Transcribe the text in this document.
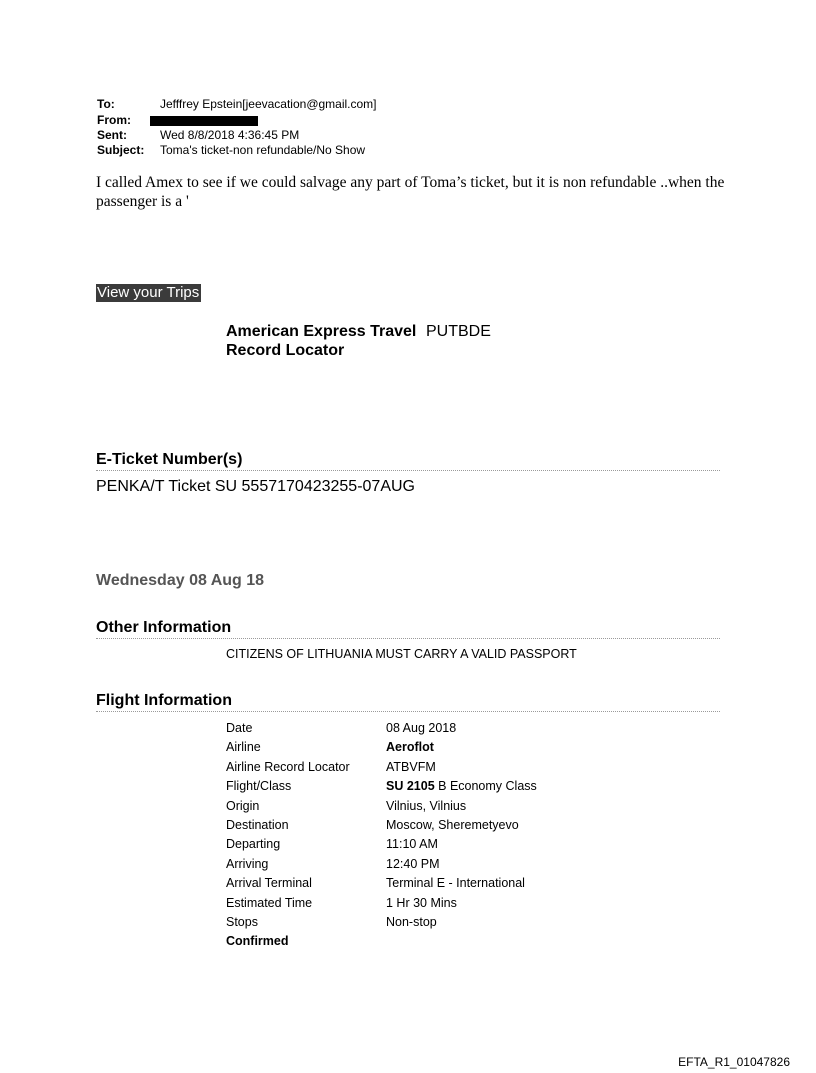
To:	Jefffrey Epstein[jeevacation@gmail.com]
From:
Sent:	Wed 8/8/2018 4:36:45 PM
Subject: Toma's ticket-non refundable/No Show
I called Amex to see if we could salvage any part of Toma’s ticket, but it is non refundable ..when the passenger is a '
View your Trips
American Express Travel PUTBDE
Record Locator
E-Ticket Number(s)
PENKA/T Ticket SU 5557170423255-07AUG
Wednesday 08 Aug 18
Other Information
CITIZENS OF LITHUANIA MUST CARRY A VALID PASSPORT
Flight Information
Date	08 Aug 2018
Airline	Aeroflot
Airline Record Locator	ATBVFM
Flight/Class	SU 2105 B Economy Class
Origin	Vilnius, Vilnius
Destination	Moscow, Sheremetyevo
Departing	11:10 AM
Arriving	12:40 PM
Arrival Terminal	Terminal E - International
Estimated Time	1 Hr 30 Mins
Stops	Non-stop
Confirmed
EFTA_R1_01047826
